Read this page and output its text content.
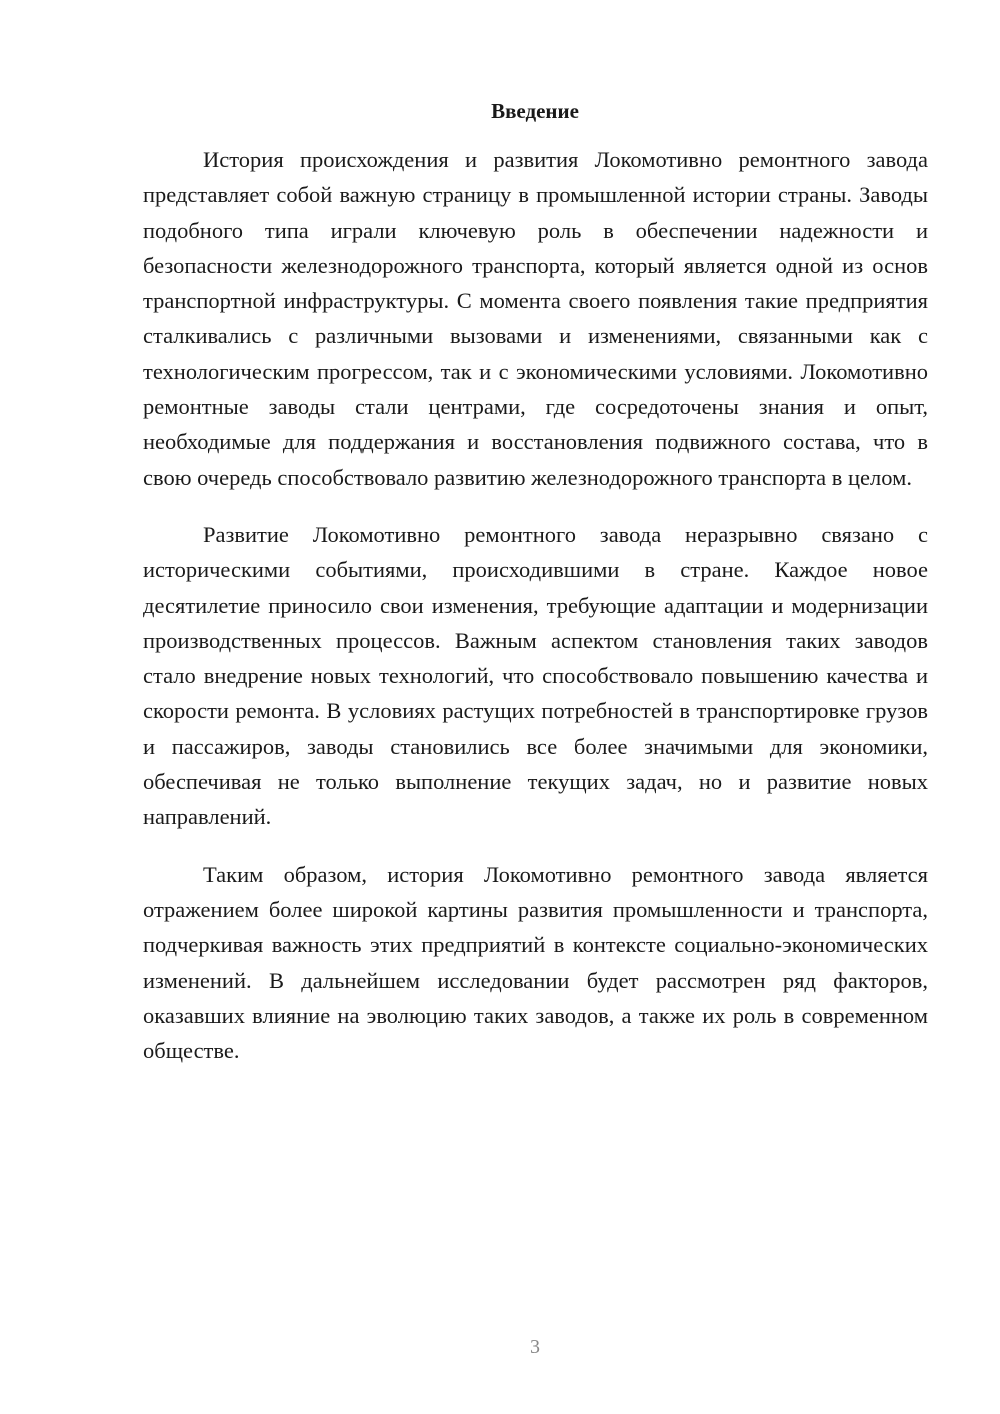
Введение

История происхождения и развития Локомотивно ремонтного завода представляет собой важную страницу в промышленной истории страны. Заводы подобного типа играли ключевую роль в обеспечении надежности и безопасности железнодорожного транспорта, который является одной из основ транспортной инфраструктуры. С момента своего появления такие предприятия сталкивались с различными вызовами и изменениями, связанными как с технологическим прогрессом, так и с экономическими условиями. Локомотивно ремонтные заводы стали центрами, где сосредоточены знания и опыт, необходимые для поддержания и восстановления подвижного состава, что в свою очередь способствовало развитию железнодорожного транспорта в целом.

Развитие Локомотивно ремонтного завода неразрывно связано с историческими событиями, происходившими в стране. Каждое новое десятилетие приносило свои изменения, требующие адаптации и модернизации производственных процессов. Важным аспектом становления таких заводов стало внедрение новых технологий, что способствовало повышению качества и скорости ремонта. В условиях растущих потребностей в транспортировке грузов и пассажиров, заводы становились все более значимыми для экономики, обеспечивая не только выполнение текущих задач, но и развитие новых направлений.

Таким образом, история Локомотивно ремонтного завода является отражением более широкой картины развития промышленности и транспорта, подчеркивая важность этих предприятий в контексте социально-экономических изменений. В дальнейшем исследовании будет рассмотрен ряд факторов, оказавших влияние на эволюцию таких заводов, а также их роль в современном обществе.

3
